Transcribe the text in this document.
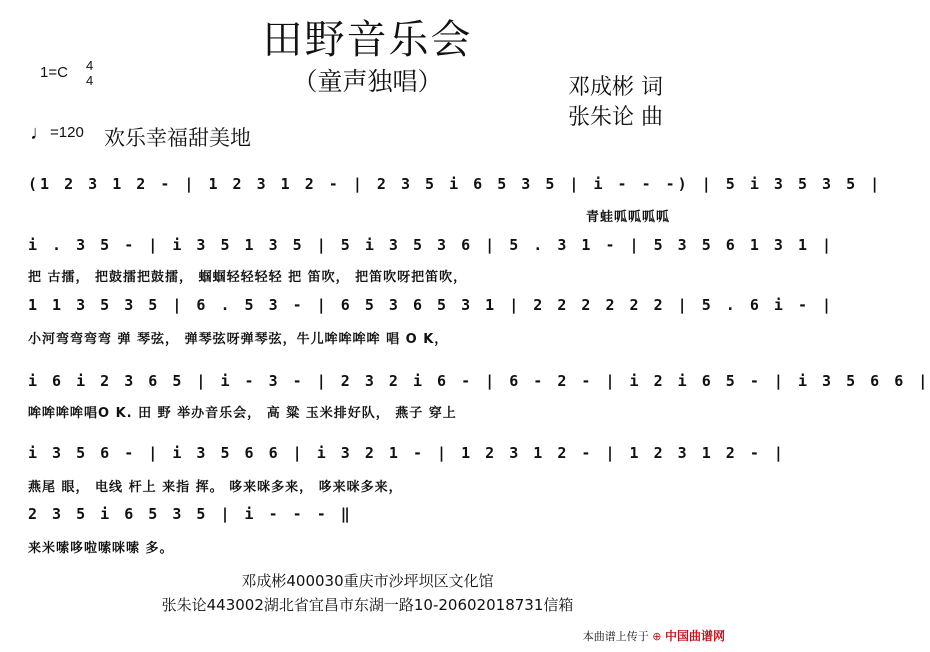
田野音乐会
（童声独唱）
1=C 4
4	邓成彬 词
张朱论 曲
♩=120 欢乐幸福甜美地
(1 2 3 1 2 - | 1 2 3 1 2 - | 2 3 5 i 6 5 3 5 | i - - -) | 5 i 3 5 3 5 |
青蛙呱呱呱呱
i . 3 5 - | i 3 5 1 3 5 | 5 i 3 5 3 6 | 5 . 3 1 - | 5 3 5 6 1 3 1 |
把 古擂， 把鼓擂把鼓擂， 蝈蝈轻轻轻轻 把 笛吹， 把笛吹呀把笛吹，
1 1 3 5 3 5 | 6 . 5 3 - | 6 5 3 6 5 3 1 | 2 2 2 2 2 2 | 5 . 6 i - |
小河弯弯弯弯 弹 琴弦， 弹琴弦呀弹琴弦，牛儿哞哞哞哞 唱 O K，
i 6 i 2 3 6 5 | i - 3 - | 2 3 2 i 6 - | 6 - 2 - | i 2 i 6 5 - | i 3 5 6 6 |
哞哞哞哞唱O K. 田 野 举办音乐会， 高 粱 玉米排好队， 燕子 穿上
i 3 5 6 - | i 3 5 6 6 | i 3 2 1 - | 1 2 3 1 2 - | 1 2 3 1 2 - |
燕尾 眼， 电线 杆上 来指 挥。 哆来咪多来， 哆来咪多来，
2 3 5 i 6 5 3 5 | i - - - ‖
来米嗦哆啦嗦咪嗦 多。
邓成彬400030重庆市沙坪坝区文化馆
张朱论443002湖北省宜昌市东湖一路10-20602018731信箱
本曲谱上传于 ⊕ 中国曲谱网
